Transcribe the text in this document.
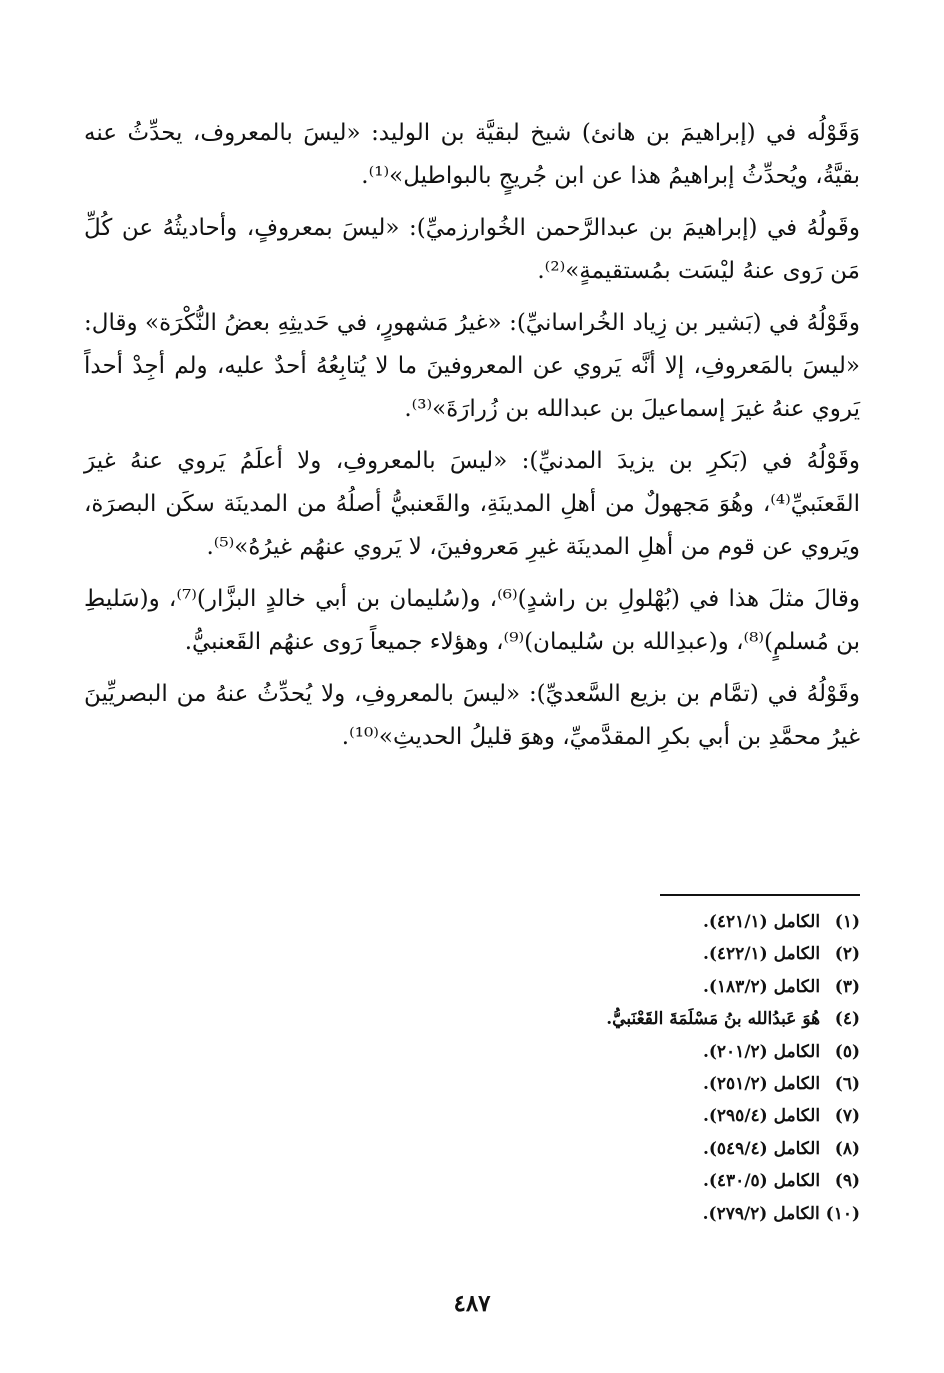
وَقَوْلُه في (إبراهيمَ بن هانئ) شيخ لبقيَّة بن الوليد: «ليسَ بالمعروف، يحدِّثُ عنه بقيَّةُ، ويُحدِّثُ إبراهيمُ هذا عن ابن جُريجٍ بالبواطيل»⁽¹⁾.

وقَولُهُ في (إبراهيمَ بن عبدالرَّحمن الخُوارزميِّ): «ليسَ بمعروفٍ، وأحاديثُهُ عن كُلِّ مَن رَوى عنهُ ليْسَت بمُستقيمةٍ»⁽²⁾.

وقَوْلُهُ في (بَشير بن زِياد الخُراسانيِّ): «غيرُ مَشهورٍ، في حَديثِهِ بعضُ النُّكْرَة» وقال: «ليسَ بالمَعروفِ، إلا أنَّه يَروي عن المعروفينَ ما لا يُتابِعُهُ أحدٌ عليه، ولم أجِدْ أحداً يَروي عنهُ غيرَ إسماعيلَ بن عبدالله بن زُرارَةَ»⁽³⁾.

وقَوْلُهُ في (بَكرِ بن يزيدَ المدنيِّ): «ليسَ بالمعروفِ، ولا أعلَمُ يَروي عنهُ غيرَ القَعنَبيِّ⁽⁴⁾، وهُوَ مَجهولٌ من أهلِ المدينَةِ، والقَعنبيُّ أصلُهُ من المدينَة سكَن البصرَة، ويَروي عن قوم من أهلِ المدينَة غيرِ مَعروفينَ، لا يَروي عنهُم غيرُهُ»⁽⁵⁾.

وقالَ مثلَ هذا في (بُهْلولِ بن راشدٍ)⁽⁶⁾، و(سُليمان بن أبي خالدٍ البزَّار)⁽⁷⁾، و(سَليطِ بن مُسلمٍ)⁽⁸⁾، و(عبدِالله بن سُليمان)⁽⁹⁾، وهؤلاء جميعاً رَوى عنهُم القَعنبيُّ.

وقَوْلُهُ في (تمَّام بن بزيع السَّعديِّ): «ليسَ بالمعروفِ، ولا يُحدِّثُ عنهُ من البصريِّينَ غيرُ محمَّدِ بن أبي بكرِ المقدَّميِّ، وهوَ قليلُ الحديثِ»⁽¹⁰⁾.

(١) الكامل (٤٢١/١).
(٢) الكامل (٤٢٢/١).
(٣) الكامل (١٨٣/٢).
(٤) هُوَ عَبدُالله بنُ مَسْلَمَةَ القَعْنَبيُّ.
(٥) الكامل (٢٠١/٢).
(٦) الكامل (٢٥١/٢).
(٧) الكامل (٢٩٥/٤).
(٨) الكامل (٥٤٩/٤).
(٩) الكامل (٤٣٠/٥).
(١٠) الكامل (٢٧٩/٢).
٤٨٧
